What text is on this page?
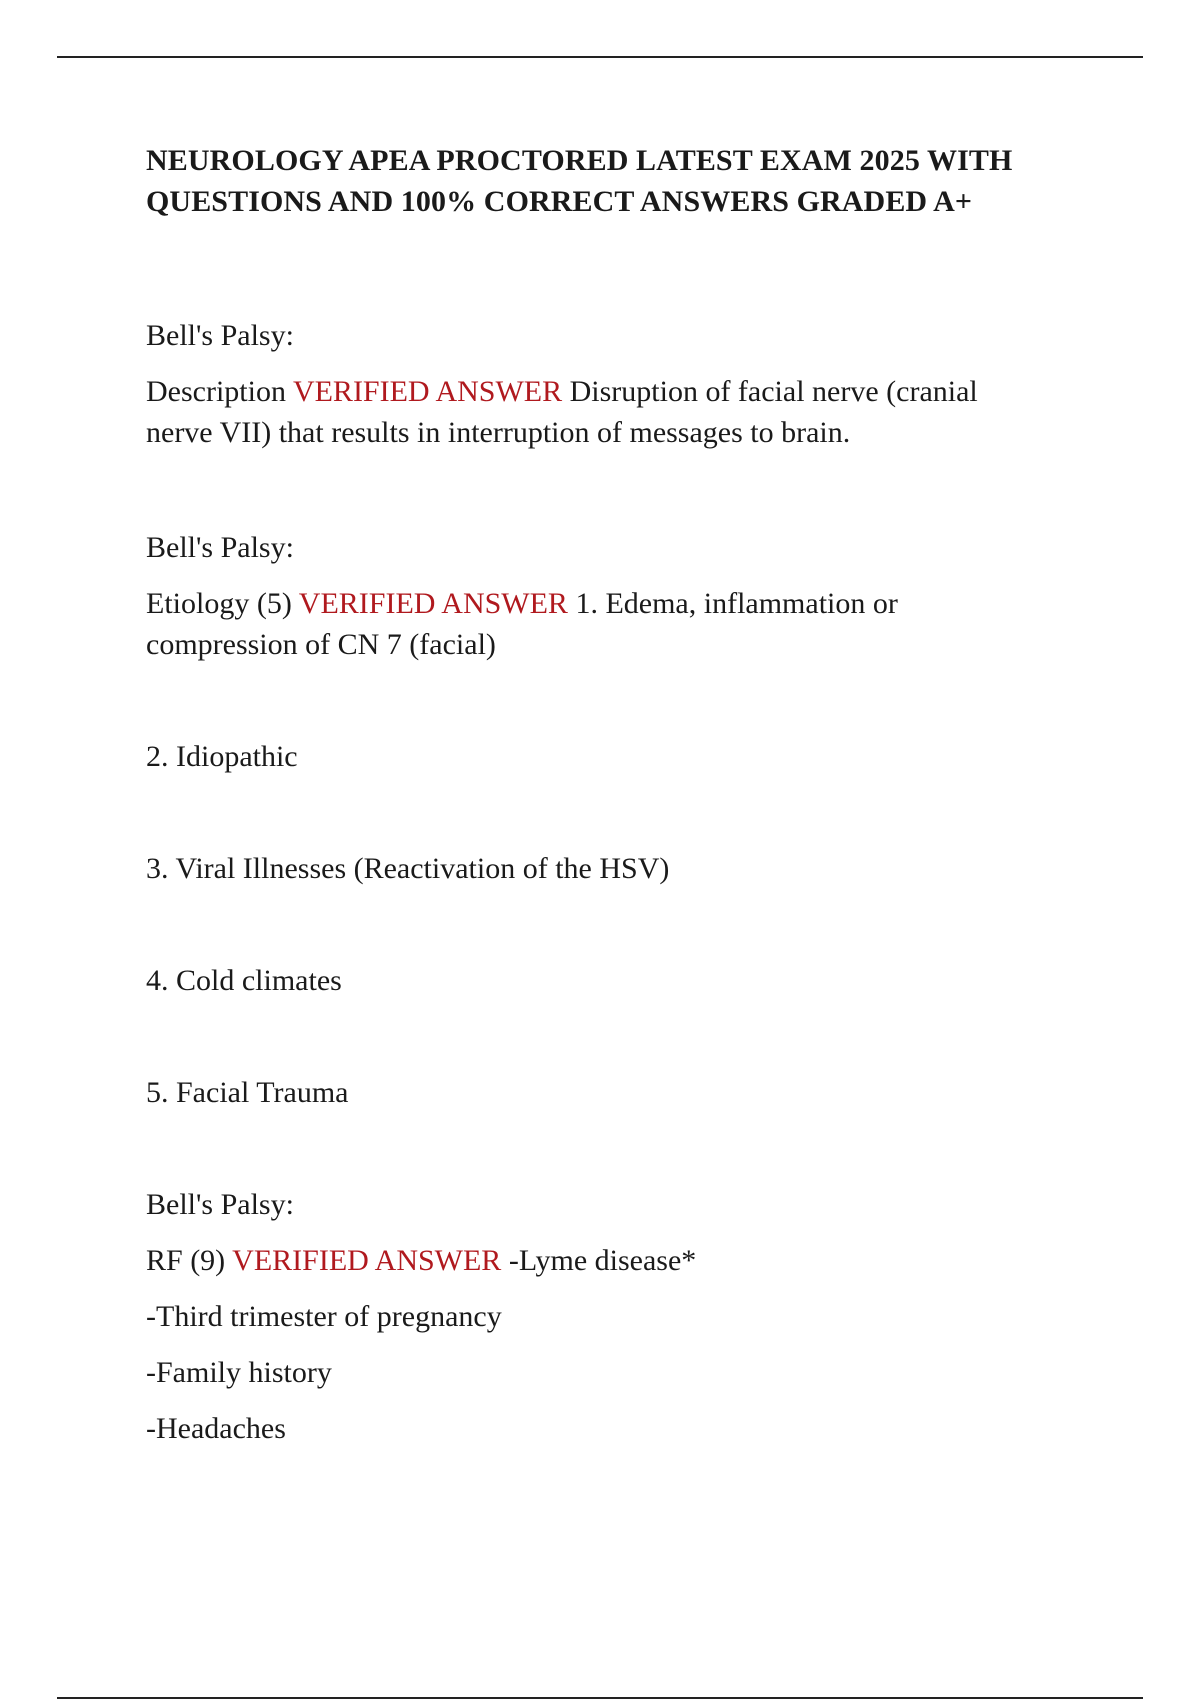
NEUROLOGY APEA PROCTORED LATEST EXAM 2025 WITH
QUESTIONS AND 100% CORRECT ANSWERS GRADED A+

Bell's Palsy:

Description VERIFIED ANSWER Disruption of facial nerve (cranial
nerve VII) that results in interruption of messages to brain.

Bell's Palsy:

Etiology (5) VERIFIED ANSWER 1. Edema, inflammation or
compression of CN 7 (facial)

2. Idiopathic

3. Viral Illnesses (Reactivation of the HSV)

4. Cold climates

5. Facial Trauma

Bell's Palsy:

RF (9) VERIFIED ANSWER -Lyme disease*

-Third trimester of pregnancy

-Family history

-Headaches
